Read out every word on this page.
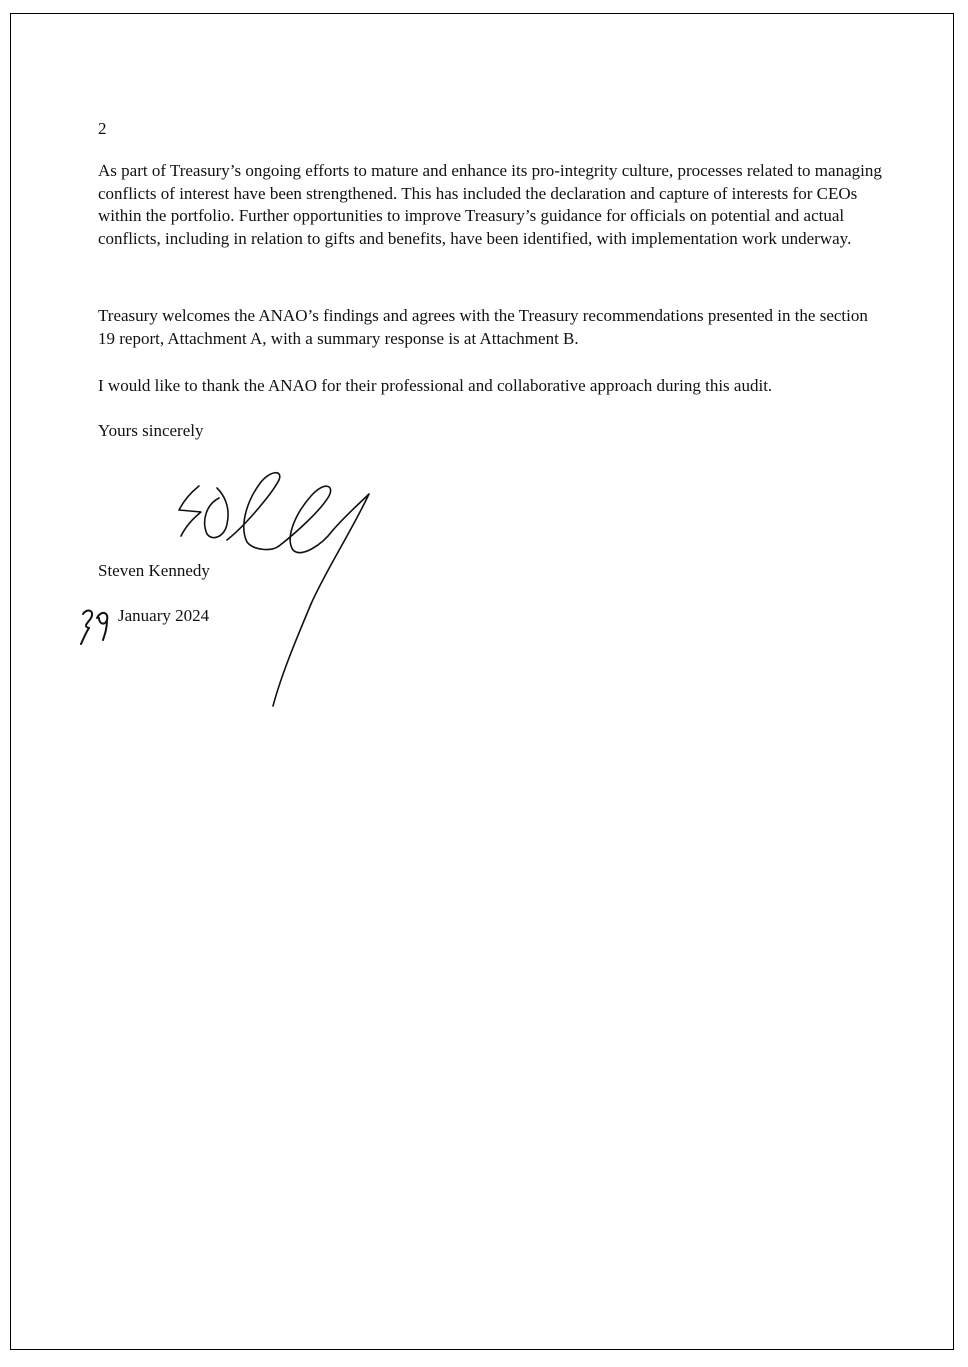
2

As part of Treasury’s ongoing efforts to mature and enhance its pro-integrity culture, processes related to managing conflicts of interest have been strengthened. This has included the declaration and capture of interests for CEOs within the portfolio. Further opportunities to improve Treasury’s guidance for officials on potential and actual conflicts, including in relation to gifts and benefits, have been identified, with implementation work underway.

Treasury welcomes the ANAO’s findings and agrees with the Treasury recommendations presented in the section 19 report, Attachment A, with a summary response is at Attachment B.

I would like to thank the ANAO for their professional and collaborative approach during this audit.

Yours sincerely

Steven Kennedy

January 2024
